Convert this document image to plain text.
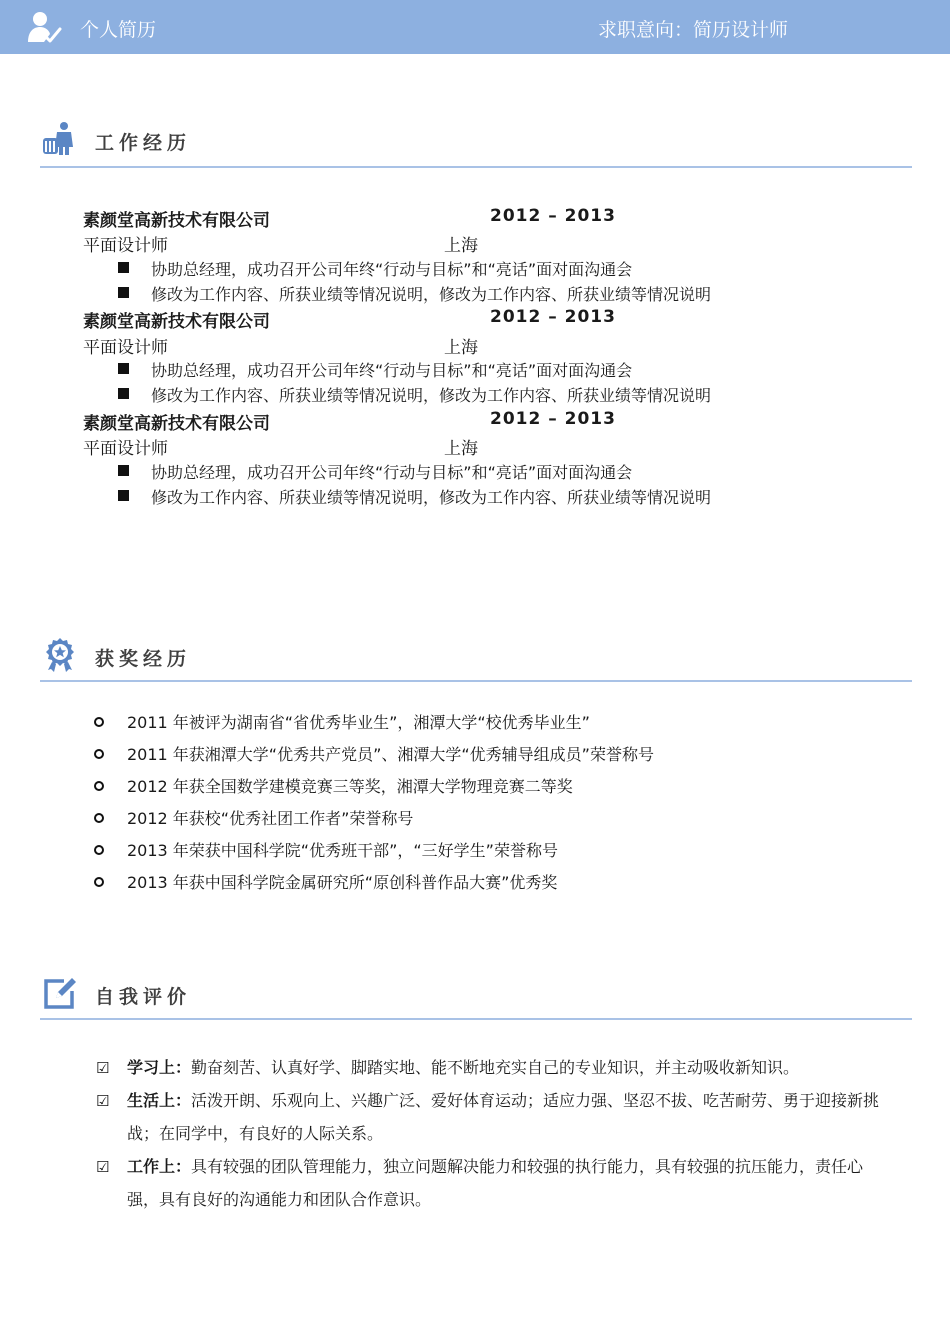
个人简历	求职意向：简历设计师
工作经历
素颜堂高新技术有限公司	2012 – 2013
平面设计师	上海
协助总经理，成功召开公司年终“行动与目标”和“亮话”面对面沟通会
修改为工作内容、所获业绩等情况说明，修改为工作内容、所获业绩等情况说明
素颜堂高新技术有限公司	2012 – 2013
平面设计师	上海
协助总经理，成功召开公司年终“行动与目标”和“亮话”面对面沟通会
修改为工作内容、所获业绩等情况说明，修改为工作内容、所获业绩等情况说明
素颜堂高新技术有限公司	2012 – 2013
平面设计师	上海
协助总经理，成功召开公司年终“行动与目标”和“亮话”面对面沟通会
修改为工作内容、所获业绩等情况说明，修改为工作内容、所获业绩等情况说明
获奖经历
2011 年被评为湖南省“省优秀毕业生”，湘潭大学“校优秀毕业生”
2011 年获湘潭大学“优秀共产党员”、湘潭大学“优秀辅导组成员”荣誉称号
2012 年获全国数学建模竞赛三等奖，湘潭大学物理竞赛二等奖
2012 年获校“优秀社团工作者”荣誉称号
2013 年荣获中国科学院“优秀班干部”，“三好学生”荣誉称号
2013 年获中国科学院金属研究所“原创科普作品大赛”优秀奖
自我评价
☑ 学习上：勤奋刻苦、认真好学、脚踏实地、能不断地充实自己的专业知识，并主动吸收新知识。
☑ 生活上：活泼开朗、乐观向上、兴趣广泛、爱好体育运动；适应力强、坚忍不拔、吃苦耐劳、勇于迎接新挑战；在同学中，有良好的人际关系。
☑ 工作上：具有较强的团队管理能力，独立问题解决能力和较强的执行能力，具有较强的抗压能力，责任心强，具有良好的沟通能力和团队合作意识。
